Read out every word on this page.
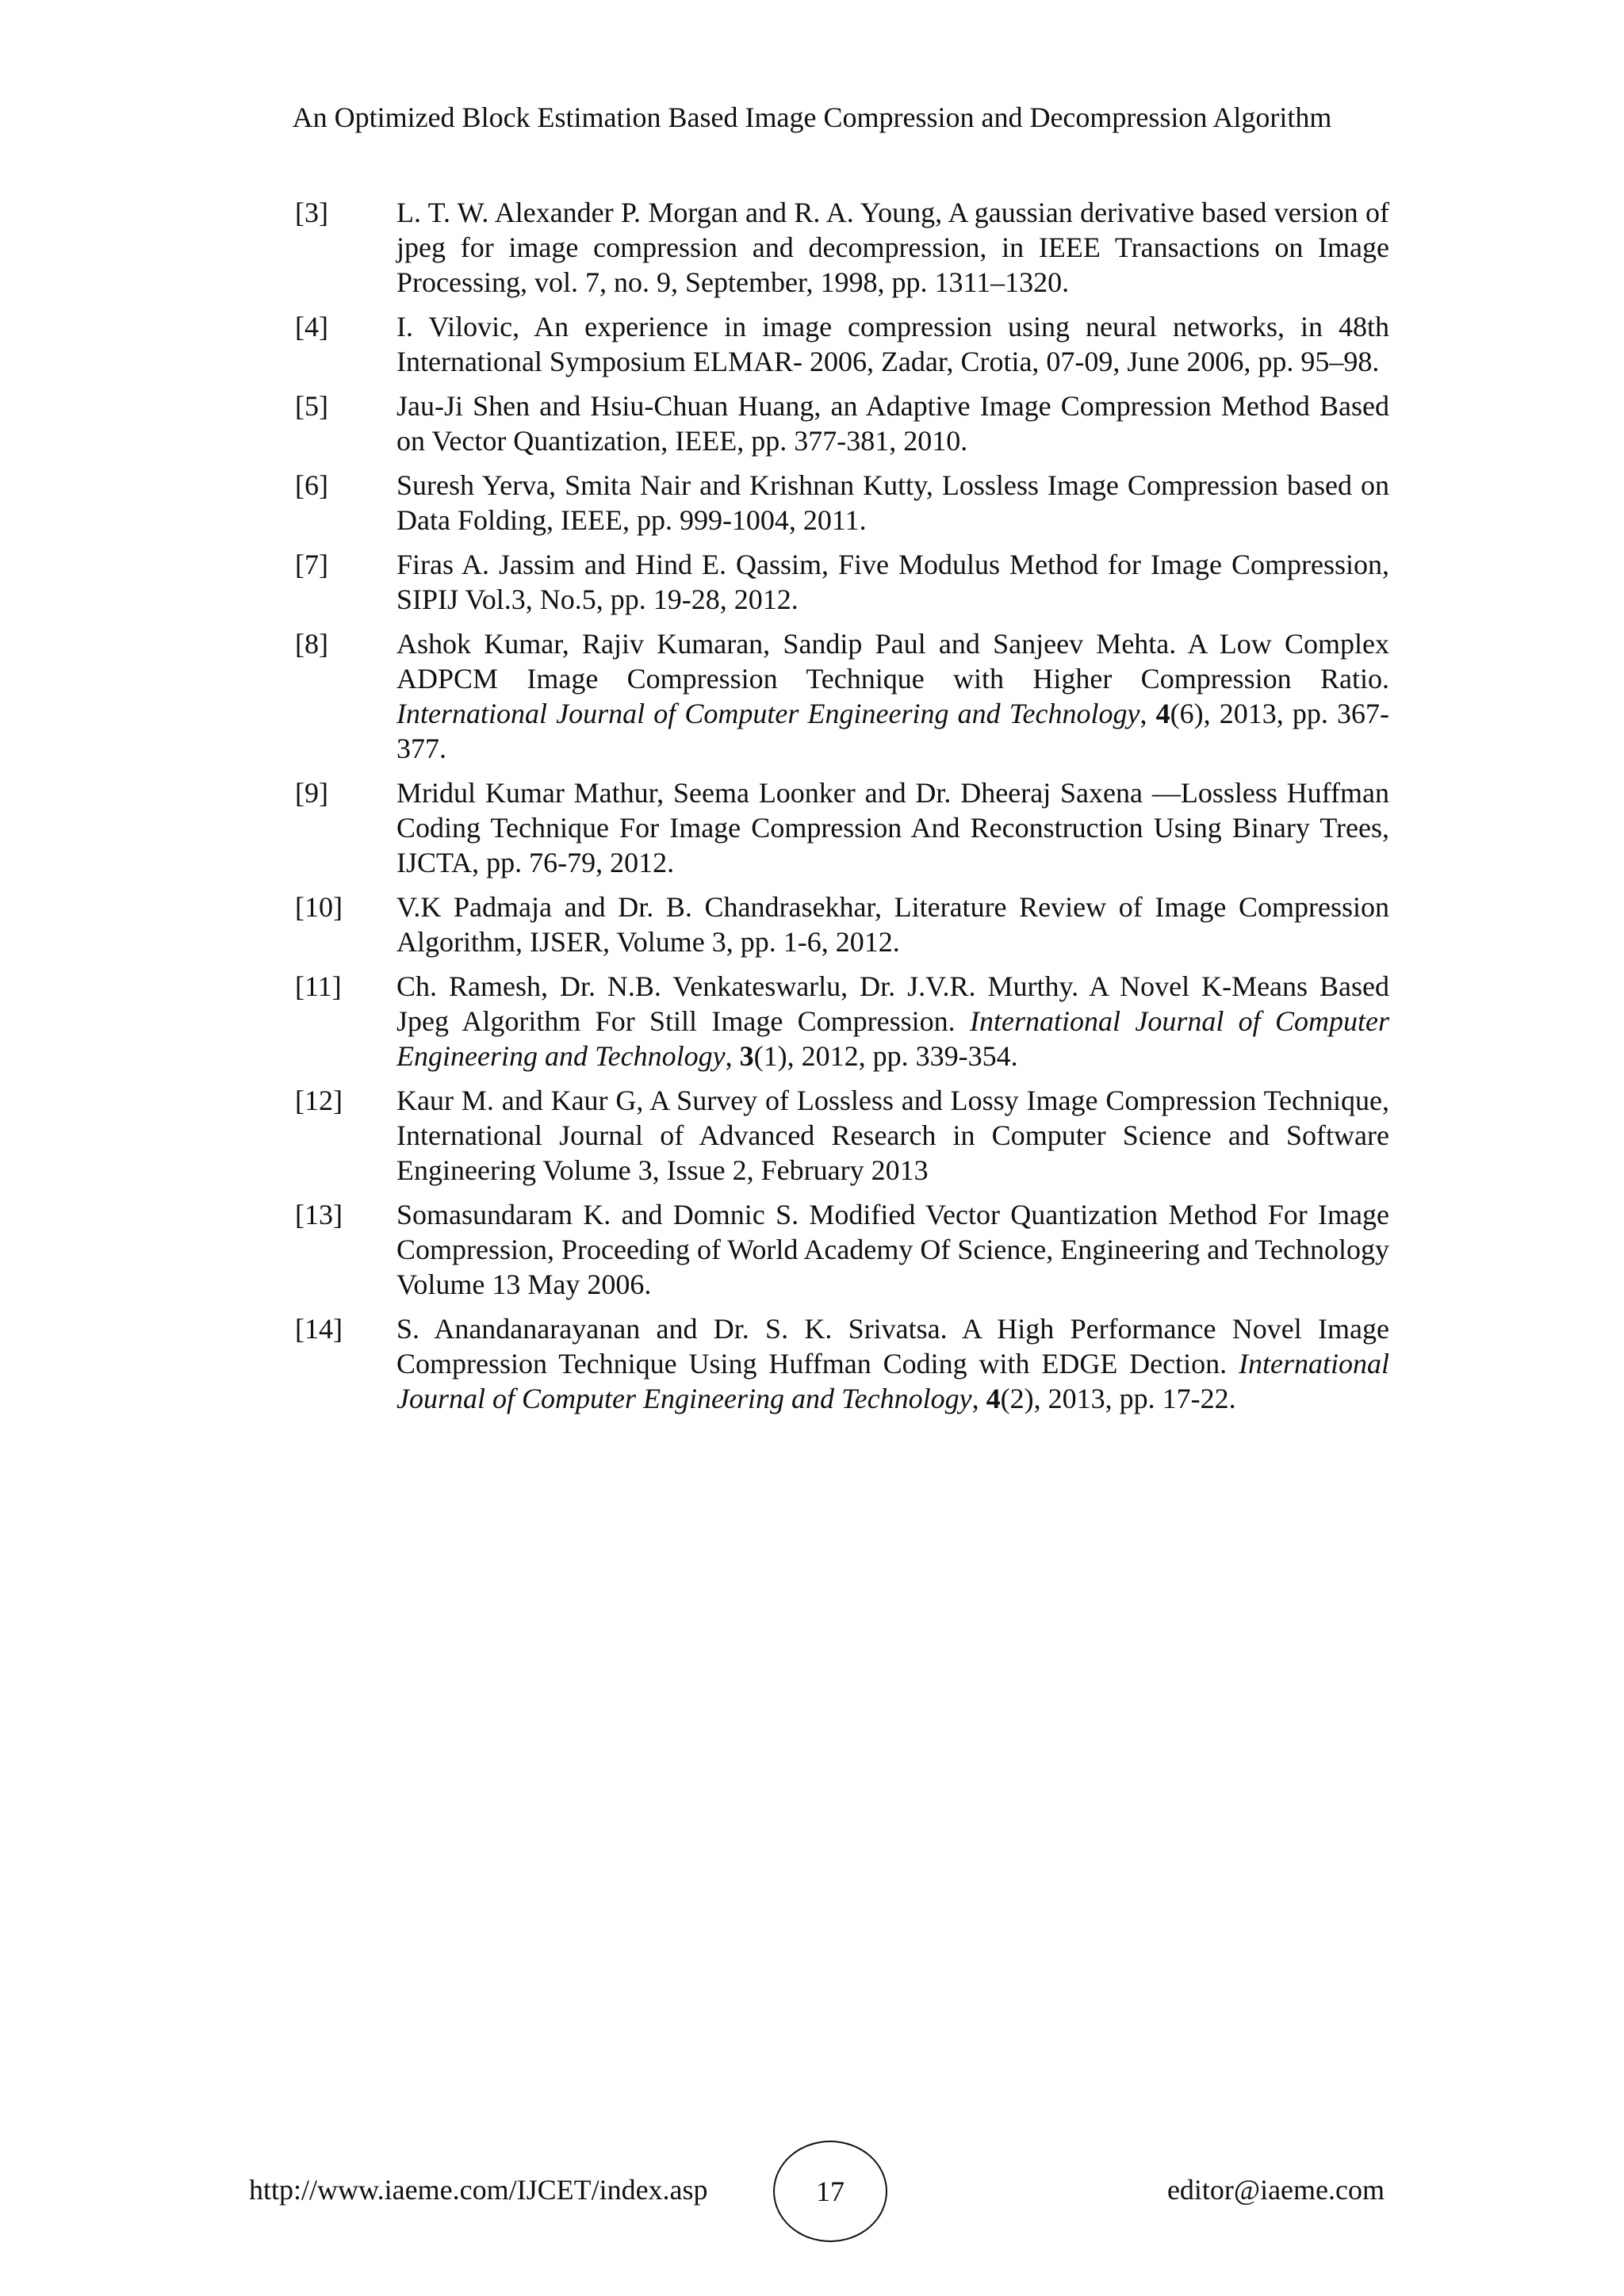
An Optimized Block Estimation Based Image Compression and Decompression Algorithm
[3]	L. T. W. Alexander P. Morgan and R. A. Young, A gaussian derivative based version of jpeg for image compression and decompression, in IEEE Transactions on Image Processing, vol. 7, no. 9, September, 1998, pp. 1311–1320.
[4]	I. Vilovic, An experience in image compression using neural networks, in 48th International Symposium ELMAR- 2006, Zadar, Crotia, 07-09, June 2006, pp. 95–98.
[5]	Jau-Ji Shen and Hsiu-Chuan Huang, an Adaptive Image Compression Method Based on Vector Quantization, IEEE, pp. 377-381, 2010.
[6]	Suresh Yerva, Smita Nair and Krishnan Kutty, Lossless Image Compression based on Data Folding, IEEE, pp. 999-1004, 2011.
[7]	Firas A. Jassim and Hind E. Qassim, Five Modulus Method for Image Compression, SIPIJ Vol.3, No.5, pp. 19-28, 2012.
[8]	Ashok Kumar, Rajiv Kumaran, Sandip Paul and Sanjeev Mehta. A Low Complex ADPCM Image Compression Technique with Higher Compression Ratio. International Journal of Computer Engineering and Technology, 4(6), 2013, pp. 367-377.
[9]	Mridul Kumar Mathur, Seema Loonker and Dr. Dheeraj Saxena ―Lossless Huffman Coding Technique For Image Compression And Reconstruction Using Binary Trees, IJCTA, pp. 76-79, 2012.
[10]	V.K Padmaja and Dr. B. Chandrasekhar, Literature Review of Image Compression Algorithm, IJSER, Volume 3, pp. 1-6, 2012.
[11]	Ch. Ramesh, Dr. N.B. Venkateswarlu, Dr. J.V.R. Murthy. A Novel K-Means Based Jpeg Algorithm For Still Image Compression. International Journal of Computer Engineering and Technology, 3(1), 2012, pp. 339-354.
[12]	Kaur M. and Kaur G, A Survey of Lossless and Lossy Image Compression Technique, International Journal of Advanced Research in Computer Science and Software Engineering Volume 3, Issue 2, February 2013
[13]	Somasundaram K. and Domnic S. Modified Vector Quantization Method For Image Compression, Proceeding of World Academy Of Science, Engineering and Technology Volume 13 May 2006.
[14]	S. Anandanarayanan and Dr. S. K. Srivatsa. A High Performance Novel Image Compression Technique Using Huffman Coding with EDGE Dection. International Journal of Computer Engineering and Technology, 4(2), 2013, pp. 17-22.
http://www.iaeme.com/IJCET/index.asp	17	editor@iaeme.com
